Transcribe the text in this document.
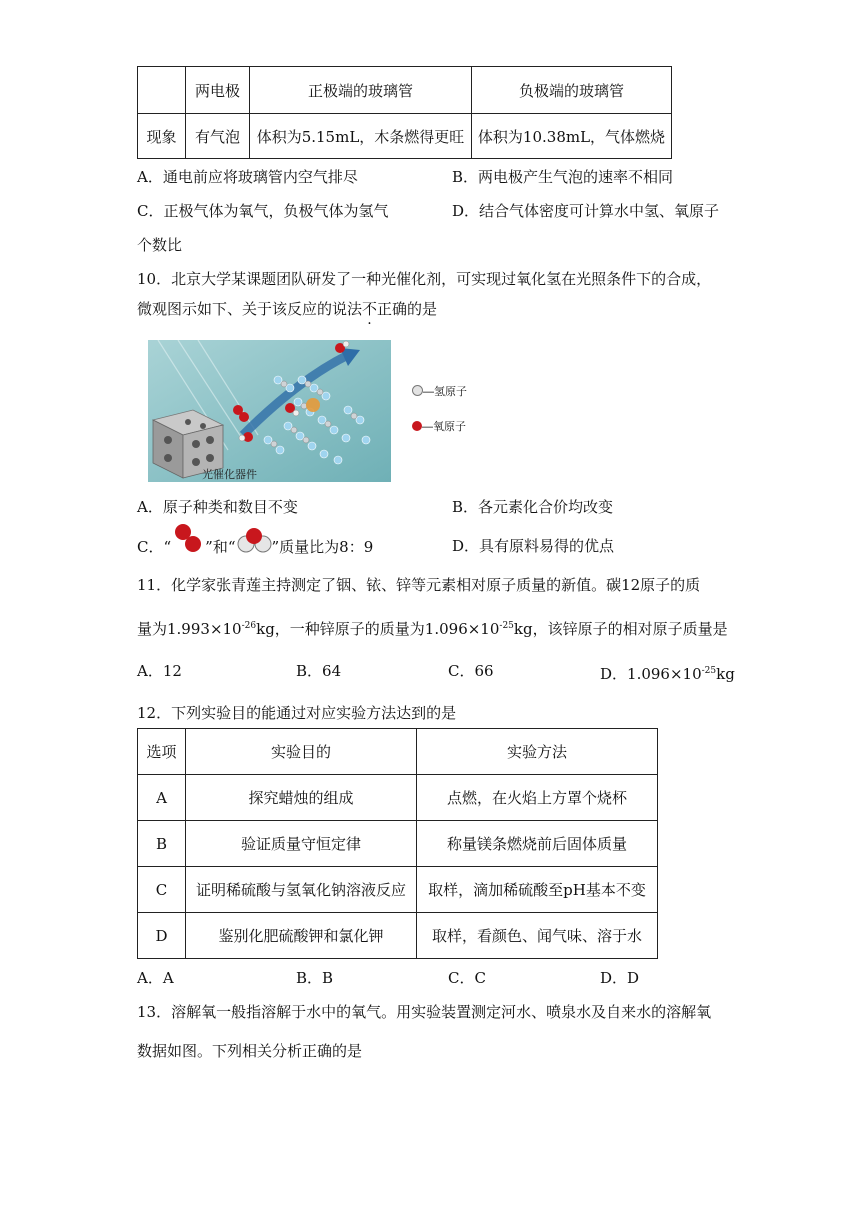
	两电极	正极端的玻璃管	负极端的玻璃管
现象	有气泡	体积为5.15mL，木条燃得更旺	体积为10.38mL，气体燃烧
A．通电前应将玻璃管内空气排尽	B．两电极产生气泡的速率不相同
C．正极气体为氧气，负极气体为氢气	D．结合气体密度可计算水中氢、氧原子
个数比
10．北京大学某课题团队研发了一种光催化剂，可实现过氧化氢在光照条件下的合成，
微观图示如下、关于该反应的说法不正确的是
光催化器件
—氢原子
—氧原子
A．原子种类和数目不变	B．各元素化合价均改变
C．“ ”和“ ”质量比为8：9	D．具有原料易得的优点
11．化学家张青莲主持测定了铟、铱、锌等元素相对原子质量的新值。碳12原子的质
量为$1.993\times 10^{-26}kg$，一种锌原子的质量为$1.096\times 10^{-25}kg$，该锌原子的相对原子质量是
A．12	B．64	C．66	D．$1.096\times 10^{-25}kg$
12．下列实验目的能通过对应实验方法达到的是
选项	实验目的	实验方法
A	探究蜡烛的组成	点燃，在火焰上方罩个烧杯
B	验证质量守恒定律	称量镁条燃烧前后固体质量
C	证明稀硫酸与氢氧化钠溶液反应	取样，滴加稀硫酸至pH基本不变
D	鉴别化肥硫酸钾和氯化钾	取样，看颜色、闻气味、溶于水
A．A	B．B	C．C	D．D
13．溶解氧一般指溶解于水中的氧气。用实验装置测定河水、喷泉水及自来水的溶解氧
数据如图。下列相关分析正确的是
